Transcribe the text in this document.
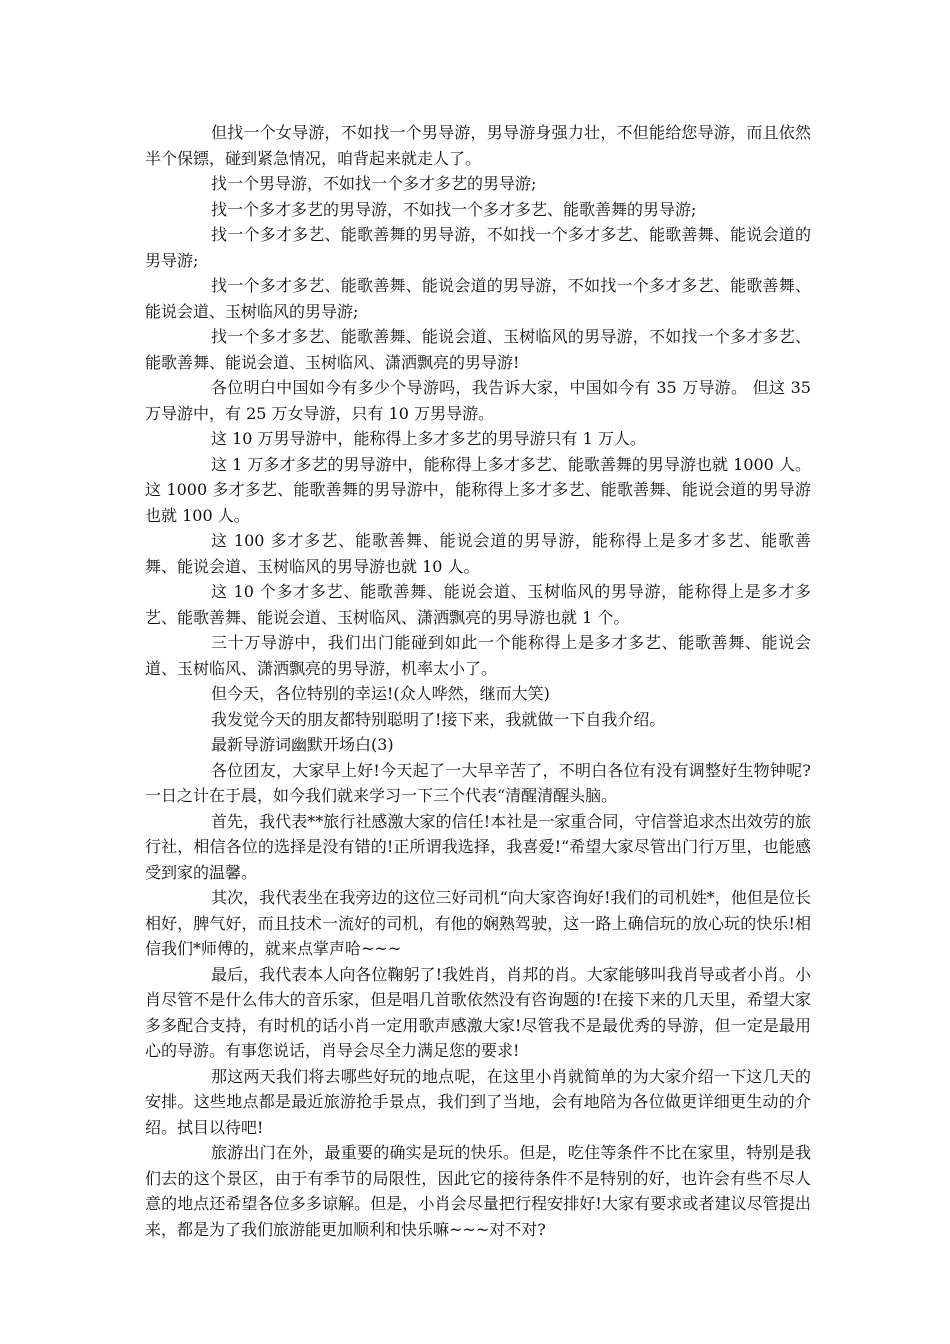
但找一个女导游，不如找一个男导游，男导游身强力壮，不但能给您导游，而且依然半个保镖，碰到紧急情况，咱背起来就走人了。

找一个男导游，不如找一个多才多艺的男导游;

找一个多才多艺的男导游，不如找一个多才多艺、能歌善舞的男导游;

找一个多才多艺、能歌善舞的男导游，不如找一个多才多艺、能歌善舞、能说会道的男导游;

找一个多才多艺、能歌善舞、能说会道的男导游，不如找一个多才多艺、能歌善舞、能说会道、玉树临风的男导游;

找一个多才多艺、能歌善舞、能说会道、玉树临风的男导游，不如找一个多才多艺、能歌善舞、能说会道、玉树临风、潇洒飘亮的男导游!

各位明白中国如今有多少个导游吗，我告诉大家，中国如今有 35 万导游。 但这 35 万导游中，有 25 万女导游，只有 10 万男导游。

这 10 万男导游中，能称得上多才多艺的男导游只有 1 万人。

这 1 万多才多艺的男导游中，能称得上多才多艺、能歌善舞的男导游也就 1000 人。 这 1000 多才多艺、能歌善舞的男导游中，能称得上多才多艺、能歌善舞、能说会道的男导游也就 100 人。

这 100 多才多艺、能歌善舞、能说会道的男导游，能称得上是多才多艺、能歌善舞、能说会道、玉树临风的男导游也就 10 人。

这 10 个多才多艺、能歌善舞、能说会道、玉树临风的男导游，能称得上是多才多艺、能歌善舞、能说会道、玉树临风、潇洒飘亮的男导游也就 1 个。

三十万导游中，我们出门能碰到如此一个能称得上是多才多艺、能歌善舞、能说会道、玉树临风、潇洒飘亮的男导游，机率太小了。

但今天，各位特别的幸运!(众人哗然，继而大笑)

我发觉今天的朋友都特别聪明了!接下来，我就做一下自我介绍。

最新导游词幽默开场白(3)

各位团友，大家早上好!今天起了一大早辛苦了，不明白各位有没有调整好生物钟呢?一日之计在于晨，如今我们就来学习一下三个代表“清醒清醒头脑。

首先，我代表**旅行社感激大家的信任!本社是一家重合同，守信誉追求杰出效劳的旅行社，相信各位的选择是没有错的!正所谓我选择，我喜爱!“希望大家尽管出门行万里，也能感受到家的温馨。

其次，我代表坐在我旁边的这位三好司机“向大家咨询好!我们的司机姓*，他但是位长相好，脾气好，而且技术一流好的司机，有他的娴熟驾驶，这一路上确信玩的放心玩的快乐!相信我们*师傅的，就来点掌声哈~~~

最后，我代表本人向各位鞠躬了!我姓肖，肖邦的肖。大家能够叫我肖导或者小肖。小肖尽管不是什么伟大的音乐家，但是唱几首歌依然没有咨询题的!在接下来的几天里，希望大家多多配合支持，有时机的话小肖一定用歌声感激大家!尽管我不是最优秀的导游，但一定是最用心的导游。有事您说话，肖导会尽全力满足您的要求!

那这两天我们将去哪些好玩的地点呢，在这里小肖就简单的为大家介绍一下这几天的安排。这些地点都是最近旅游抢手景点，我们到了当地，会有地陪为各位做更详细更生动的介绍。拭目以待吧!

旅游出门在外，最重要的确实是玩的快乐。但是，吃住等条件不比在家里，特别是我们去的这个景区，由于有季节的局限性，因此它的接待条件不是特别的好，也许会有些不尽人意的地点还希望各位多多谅解。但是，小肖会尽量把行程安排好!大家有要求或者建议尽管提出来，都是为了我们旅游能更加顺利和快乐嘛~~~对不对?
